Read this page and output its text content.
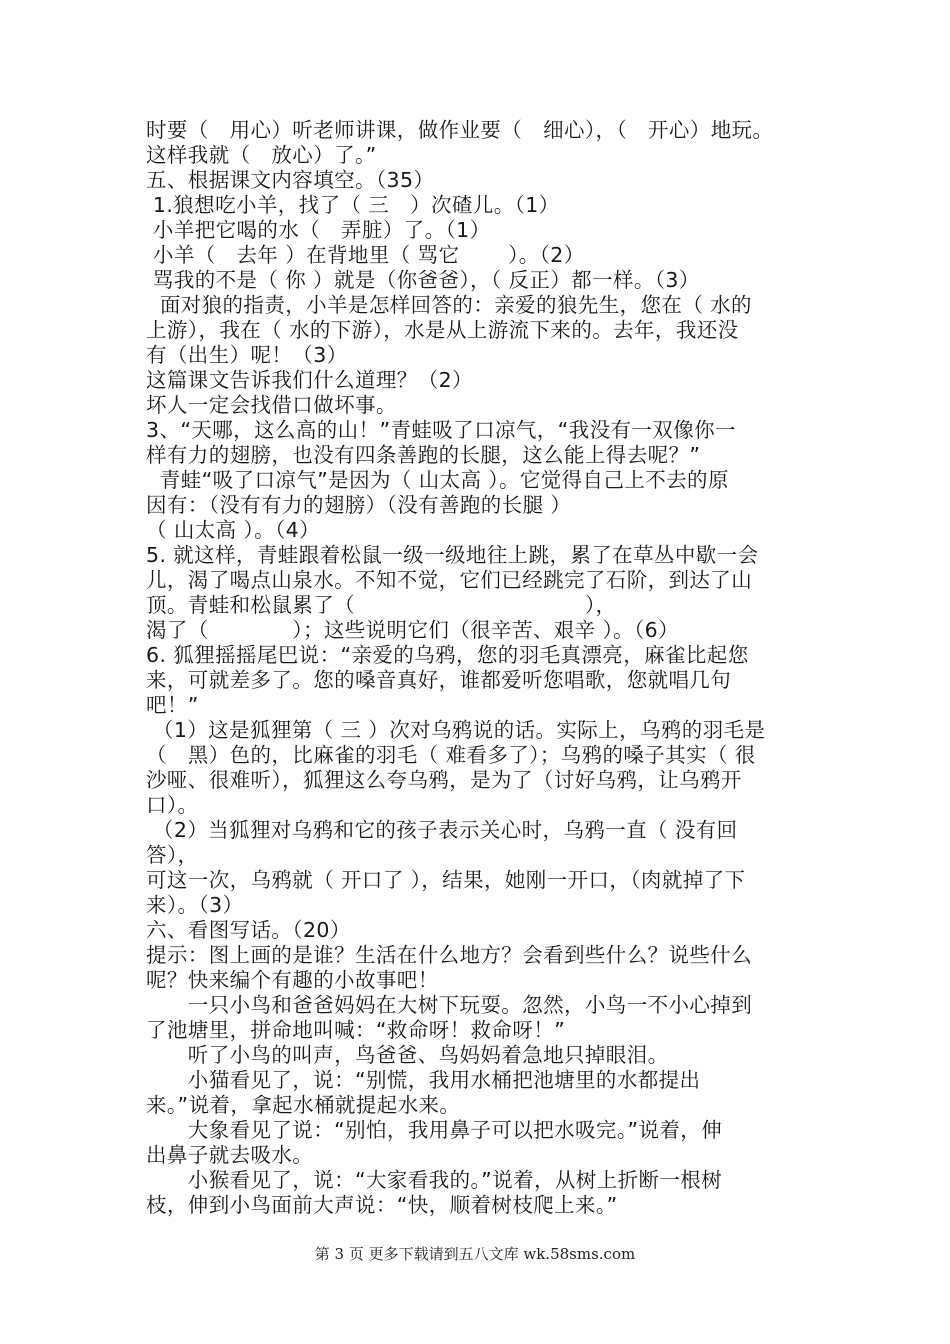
时要（　用心）听老师讲课，做作业要（　细心），（　开心）地玩。

这样我就（　放心）了。”

五、根据课文内容填空。（35）

1.狼想吃小羊，找了（ 三　）次碴儿。（1）

小羊把它喝的水（　弄脏）了。（1）

小羊（　去年 ）在背地里（ 骂它　　 ）。（2）

骂我的不是（ 你 ）就是（你爸爸），（ 反正）都一样。（3）

面对狼的指责，小羊是怎样回答的：亲爱的狼先生，您在（ 水的

上游），我在（ 水的下游），水是从上游流下来的。去年，我还没

有（出生）呢！（3）

这篇课文告诉我们什么道理？（2）

坏人一定会找借口做坏事。

3、“天哪，这么高的山！”青蛙吸了口凉气，“我没有一双像你一

样有力的翅膀，也没有四条善跑的长腿，这么能上得去呢？”

青蛙“吸了口凉气”是因为（ 山太高 ）。它觉得自己上不去的原

因有：（没有有力的翅膀）（没有善跑的长腿 ）

（ 山太高 ）。（4）

5. 就这样，青蛙跟着松鼠一级一级地往上跳，累了在草丛中歇一会

儿，渴了喝点山泉水。不知不觉，它们已经跳完了石阶，到达了山

顶。青蛙和松鼠累了（　　　　　　　　　　　），

渴了（　　　　）；这些说明它们（很辛苦、艰辛 ）。（6）

6. 狐狸摇摇尾巴说：“亲爱的乌鸦，您的羽毛真漂亮，麻雀比起您

来，可就差多了。您的嗓音真好，谁都爱听您唱歌，您就唱几句

吧！”

（1）这是狐狸第（ 三 ）次对乌鸦说的话。实际上，乌鸦的羽毛是

（　黑）色的，比麻雀的羽毛（ 难看多了）；乌鸦的嗓子其实（ 很

沙哑、很难听），狐狸这么夸乌鸦，是为了（讨好乌鸦，让乌鸦开

口）。

（2）当狐狸对乌鸦和它的孩子表示关心时，乌鸦一直（ 没有回

答），

可这一次，乌鸦就（ 开口了 ），结果，她刚一开口，（肉就掉了下

来）。（3）

六、看图写话。（20）

提示：图上画的是谁？生活在什么地方？会看到些什么？说些什么

呢？快来编个有趣的小故事吧！

　　一只小鸟和爸爸妈妈在大树下玩耍。忽然，小鸟一不小心掉到

了池塘里，拼命地叫喊：“救命呀！救命呀！”

　　听了小鸟的叫声，鸟爸爸、鸟妈妈着急地只掉眼泪。

　　小猫看见了，说：“别慌，我用水桶把池塘里的水都提出

来。”说着，拿起水桶就提起水来。

　　大象看见了说：“别怕，我用鼻子可以把水吸完。”说着，伸

出鼻子就去吸水。

　　小猴看见了，说：“大家看我的。”说着，从树上折断一根树

枝，伸到小鸟面前大声说：“快，顺着树枝爬上来。”

第 3 页 更多下载请到五八文库 wk.58sms.com
